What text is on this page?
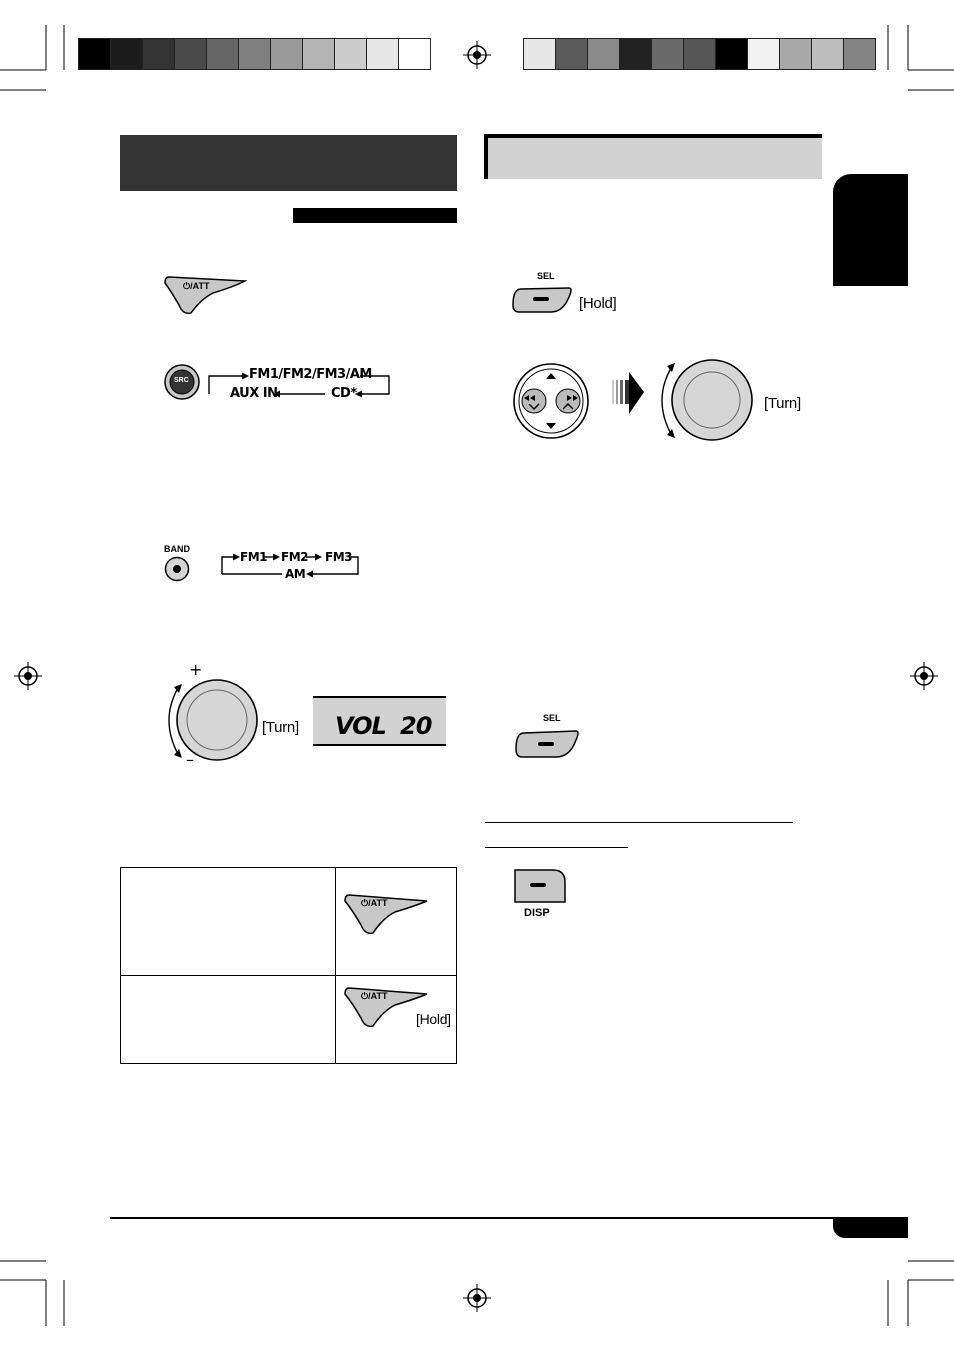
⏻/ATT
SRC	FM1/FM2/FM3/AM
AUX IN	CD*
BAND
FM1 FM2 FM3
AM
+
–
[Turn] VOL 20
⏻/ATT
⏻/ATT
[Hold]
SEL
[Hold]
[Turn]
SEL
DISP
